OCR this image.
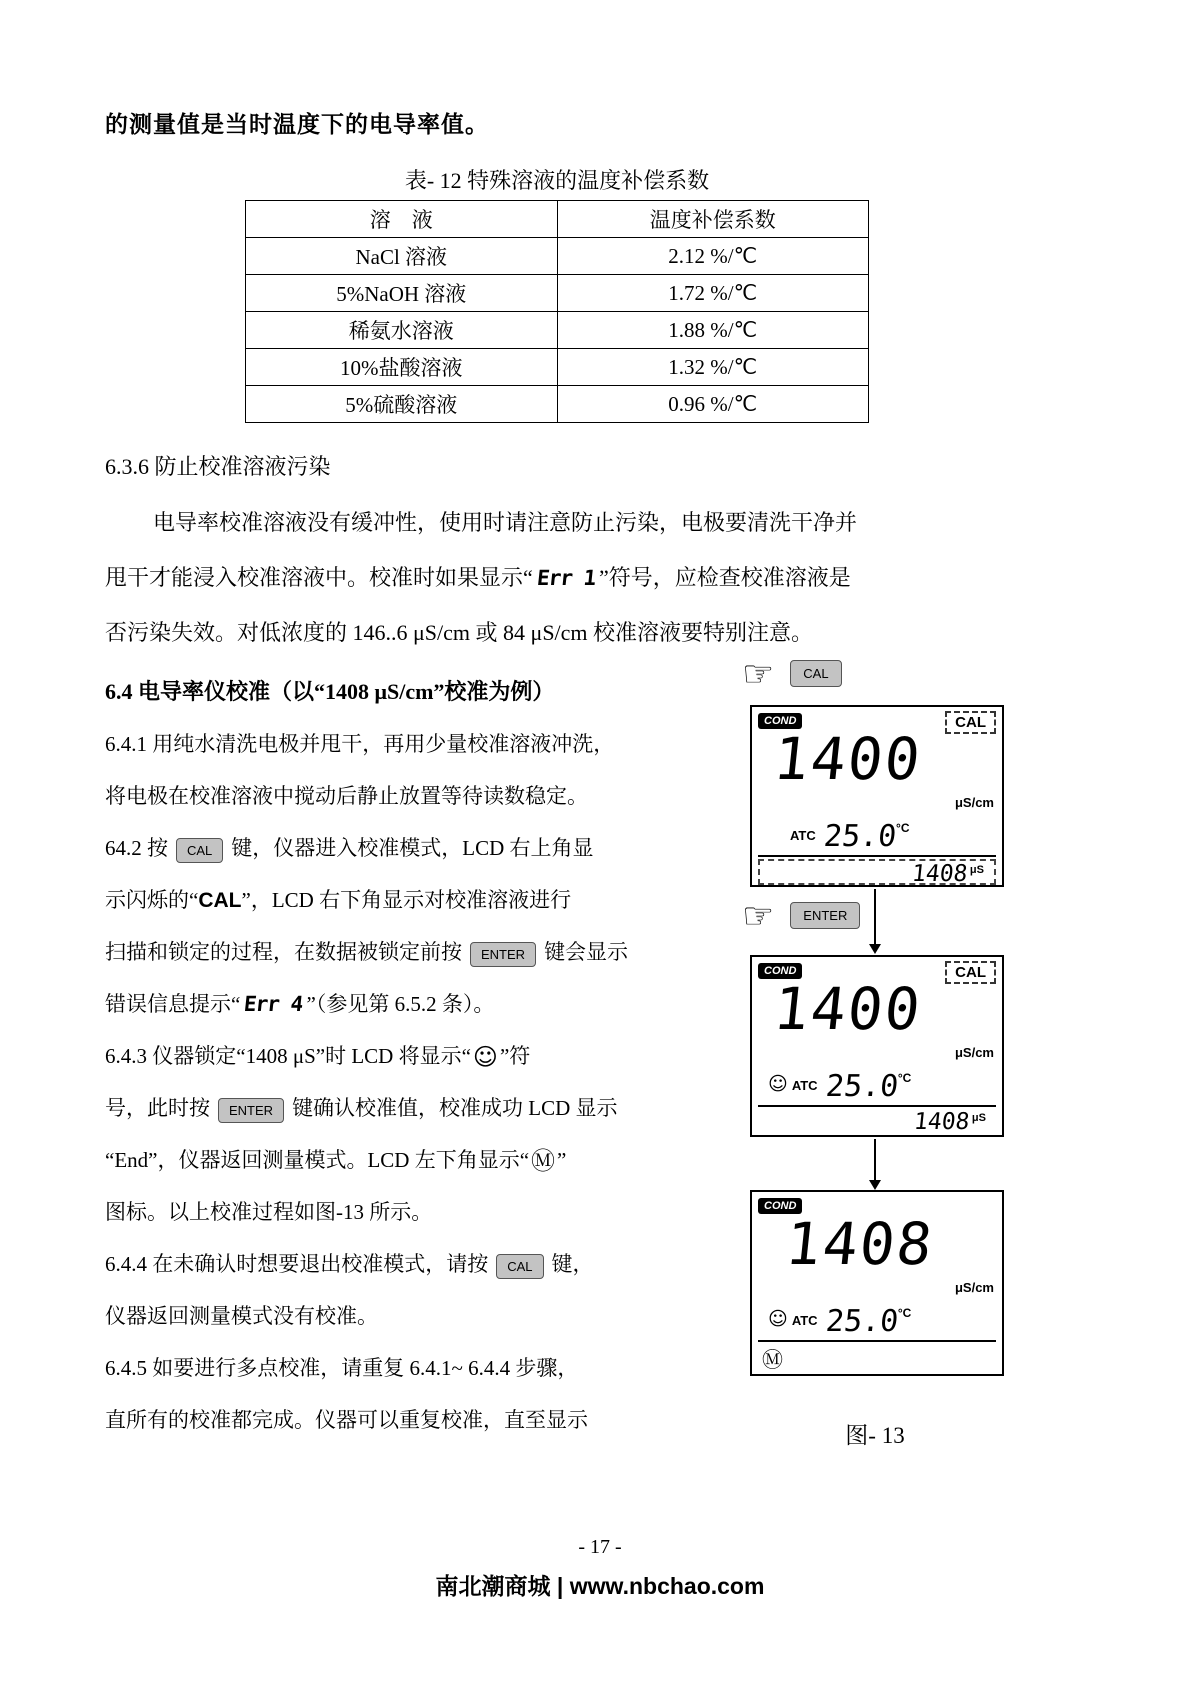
的测量值是当时温度下的电导率值。

表- 12 特殊溶液的温度补偿系数
溶　液	温度补偿系数
NaCl 溶液	2.12 %/℃
5%NaOH 溶液	1.72 %/℃
稀氨水溶液	1.88 %/℃
10%盐酸溶液	1.32 %/℃
5%硫酸溶液	0.96 %/℃
6.3.6 防止校准溶液污染
电导率校准溶液没有缓冲性，使用时请注意防止污染，电极要清洗干净并
甩干才能浸入校准溶液中。校准时如果显示“ Err 1 ”符号，应检查校准溶液是
否污染失效。对低浓度的 146..6 μS/cm 或 84 μS/cm 校准溶液要特别注意。
6.4 电导率仪校准（以“1408 μS/cm”校准为例）
6.4.1 用纯水清洗电极并甩干，再用少量校准溶液冲洗，
将电极在校准溶液中搅动后静止放置等待读数稳定。
64.2 按 CAL 键，仪器进入校准模式，LCD 右上角显
示闪烁的“CAL”，LCD 右下角显示对校准溶液进行
扫描和锁定的过程，在数据被锁定前按 ENTER 键会显示
错误信息提示“ Err 4 ”（参见第 6.5.2 条）。
6.4.3 仪器锁定“1408 μS”时 LCD 将显示“☺”符
号，此时按 ENTER 键确认校准值，校准成功 LCD 显示
“End”，仪器返回测量模式。LCD 左下角显示“Ⓜ”
图标。以上校准过程如图-13 所示。
6.4.4 在未确认时想要退出校准模式，请按 CAL 键，
仪器返回测量模式没有校准。
6.4.5 如要进行多点校准，请重复 6.4.1~ 6.4.4 步骤，
直所有的校准都完成。仪器可以重复校准，直至显示
☞ CAL
COND	CAL
1400
μS/cm
$^{ATC}$ $25.0^{^\circ C}$
1408 $^{\mu S}$
☞ ENTER
COND	CAL
1400
μS/cm
☺ $^{ATC}$ $25.0^{^\circ C}$
1408 $^{\mu S}$
COND
1408
μS/cm
☺ $^{ATC}$ $25.0^{^\circ C}$
Ⓜ
图- 13
- 17 -
南北潮商城 | www.nbchao.com
